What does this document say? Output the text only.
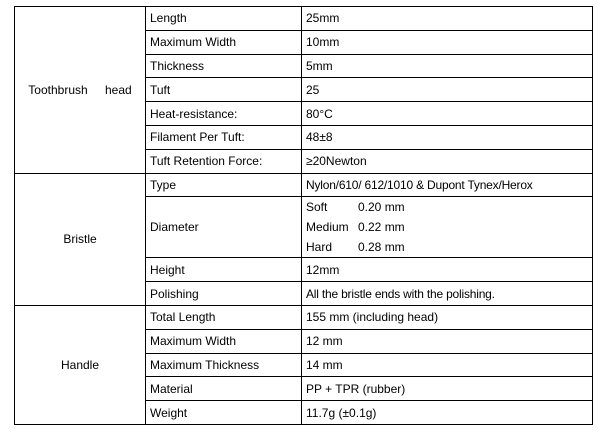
Toothbrush head	Length	25mm
	Maximum Width	10mm
	Thickness	5mm
	Tuft	25
	Heat-resistance:	80°C
	Filament Per Tuft:	48±8
	Tuft Retention Force:	≥20Newton
Bristle	Type	Nylon/610/ 612/1010 & Dupont Tynex/Herox
	Diameter	Soft 0.20 mm
Medium 0.22 mm
Hard 0.28 mm

	Height	12mm
	Polishing	All the bristle ends with the polishing.
Handle	Total Length	155 mm (including head)
	Maximum Width	12 mm
	Maximum Thickness	14 mm
	Material	PP + TPR (rubber)
	Weight	11.7g (±0.1g)
